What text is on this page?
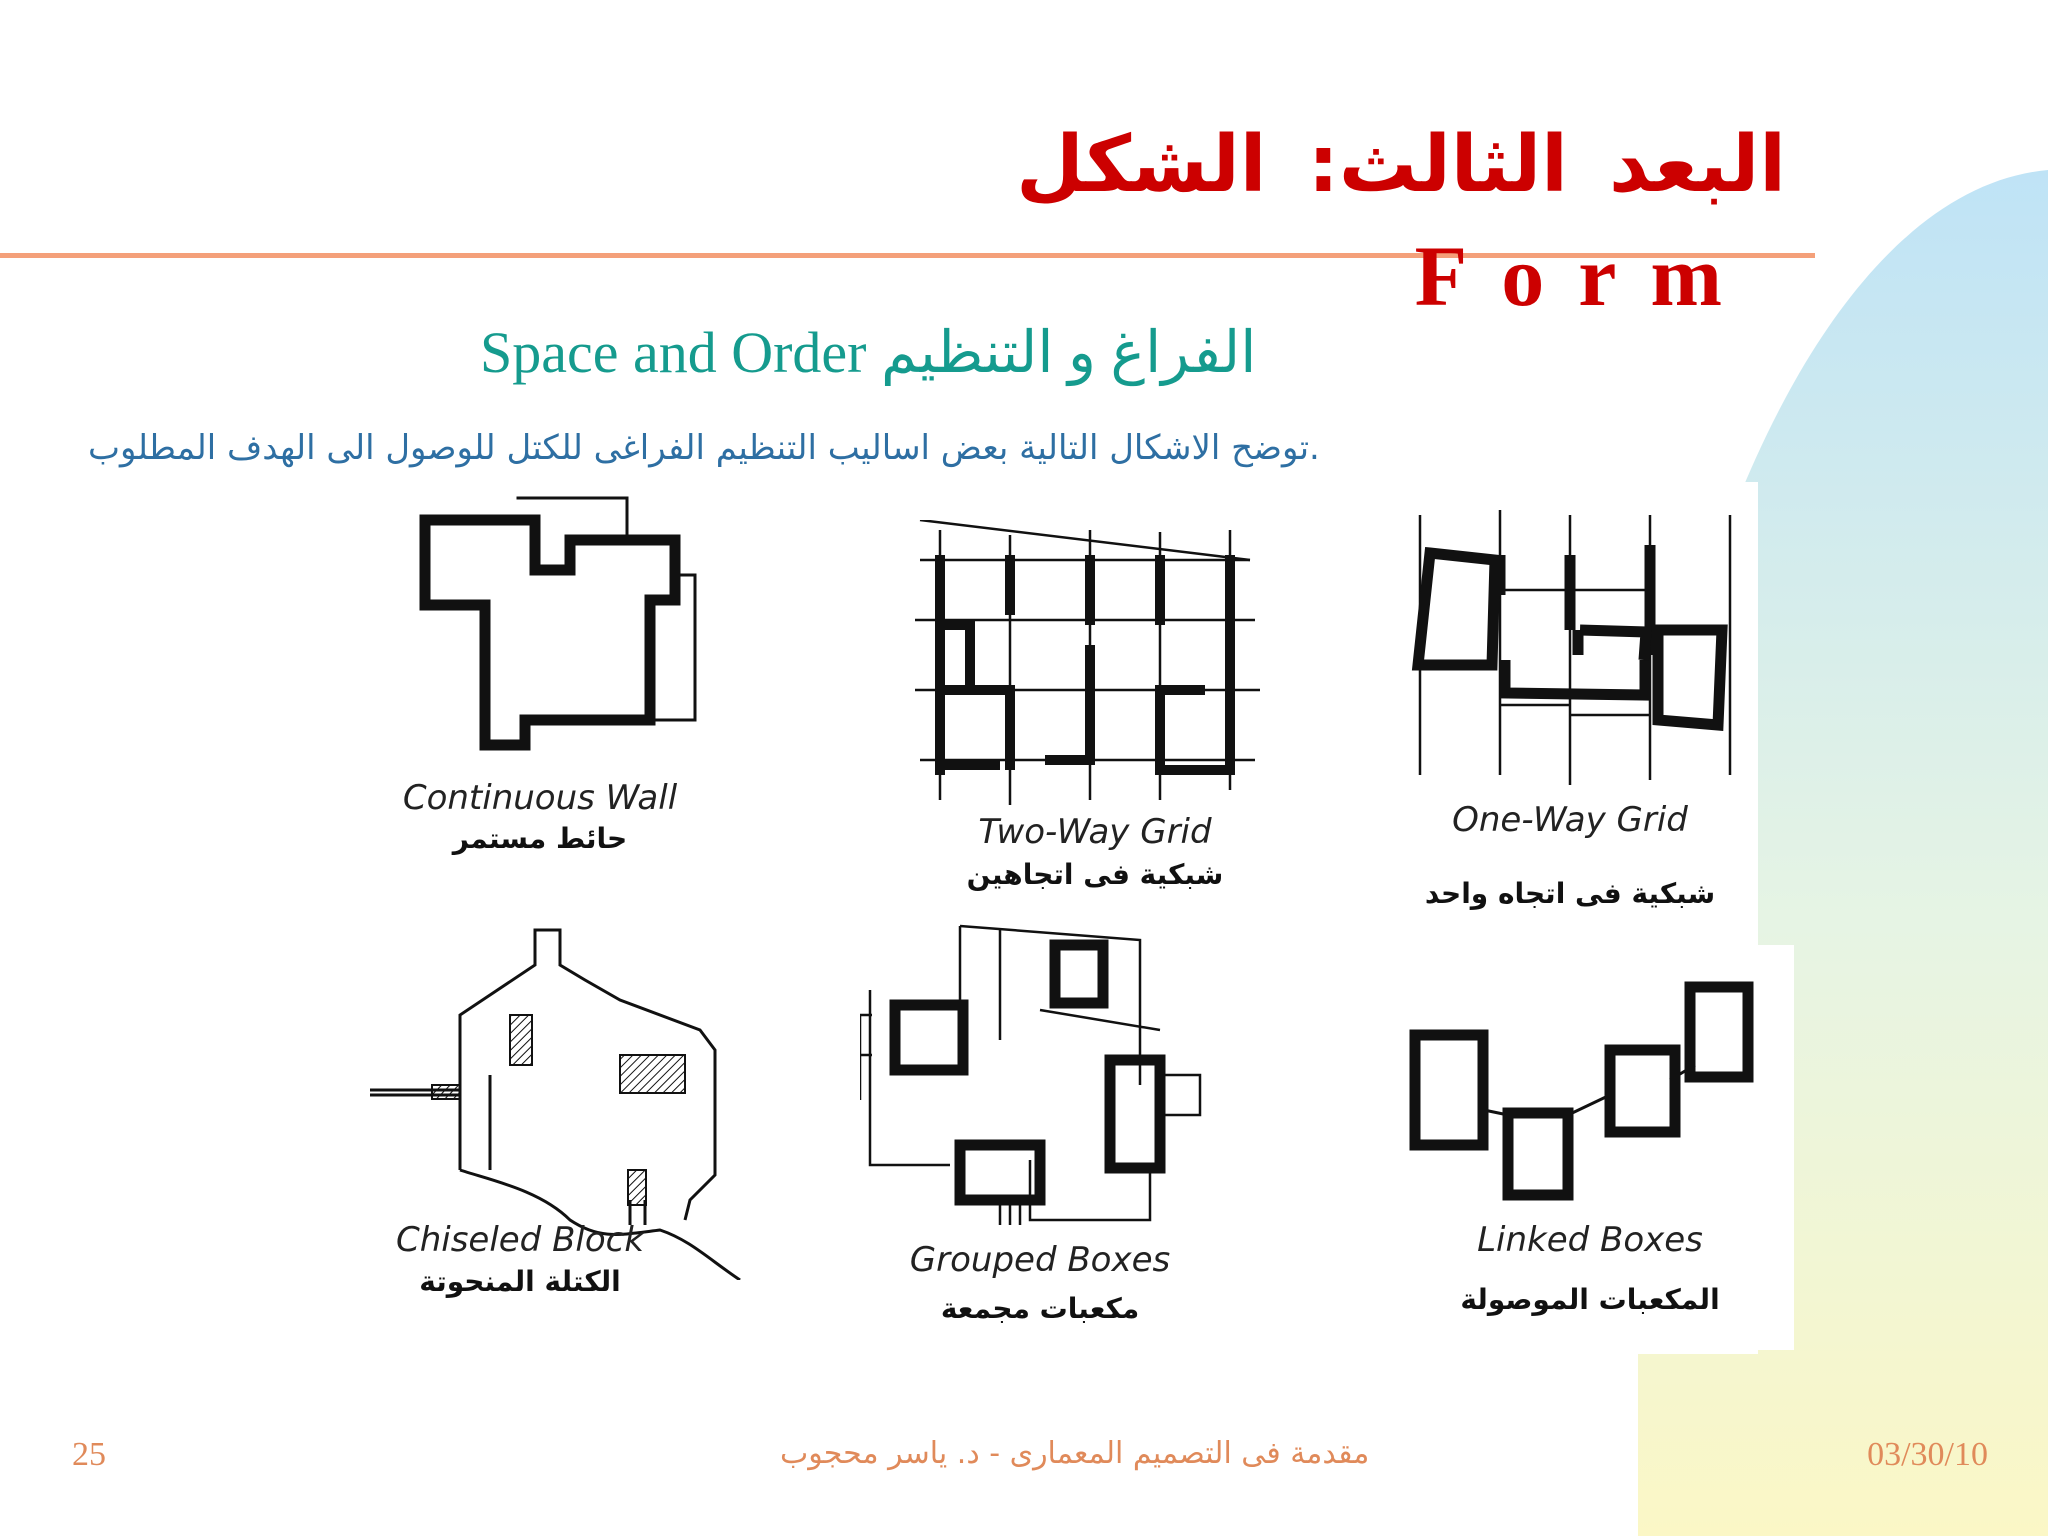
البعد الثالث: الشكل
Form
Space and Order الفراغ و التنظيم
.توضح الاشكال التالية بعض اساليب التنظيم الفراغى للكتل للوصول الى الهدف المطلوب
Continuous Wall
حائط مستمر	Two-Way Grid
شبكية فى اتجاهين
One-Way Grid
شبكية فى اتجاه واحد
Chiseled Block
الكتلة المنحوتة
Grouped Boxes
مكعبات مجمعة
Linked Boxes
المكعبات الموصولة
25	مقدمة فى التصميم المعمارى - د. ياسر محجوب	03/30/10
